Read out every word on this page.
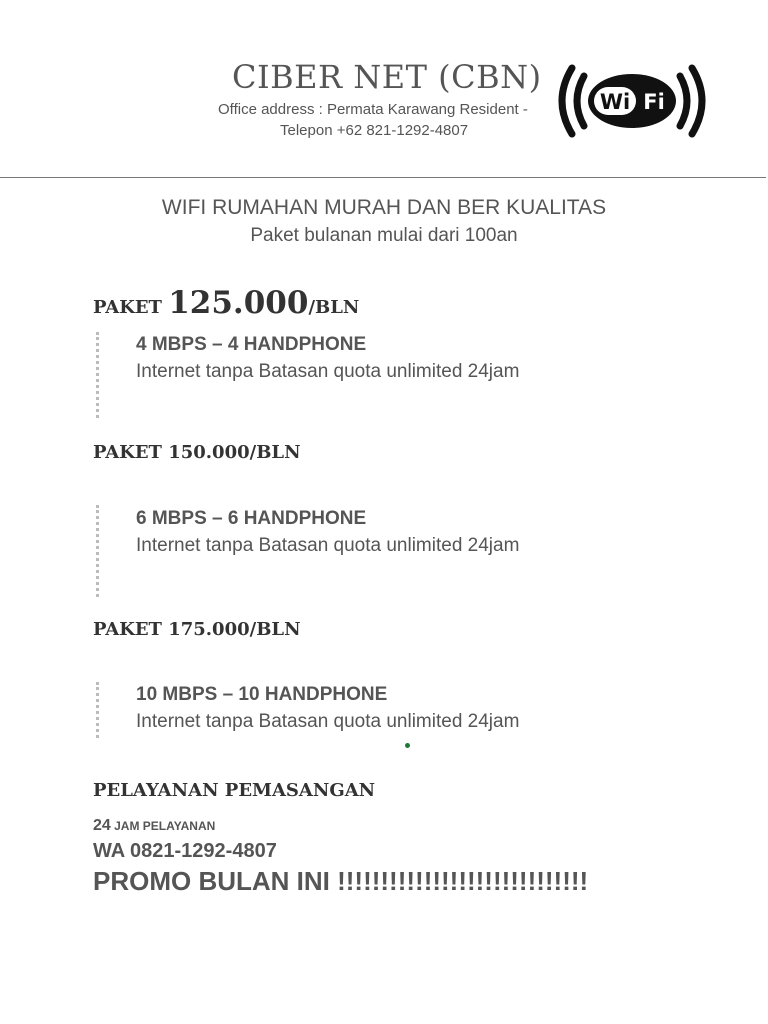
CIBER NET (CBN)
Office address : Permata Karawang Resident -
Telepon +62 821-1292-4807
Wi Fi
WIFI RUMAHAN MURAH DAN BER KUALITAS
Paket bulanan mulai dari 100an
PAKET 125.000/BLN
4 MBPS – 4 HANDPHONE
Internet tanpa Batasan quota unlimited 24jam
PAKET 150.000/BLN
6 MBPS – 6 HANDPHONE
Internet tanpa Batasan quota unlimited 24jam
PAKET 175.000/BLN
10 MBPS – 10 HANDPHONE
Internet tanpa Batasan quota unlimited 24jam
PELAYANAN PEMASANGAN
24 JAM PELAYANAN
WA 0821-1292-4807
PROMO BULAN INI !!!!!!!!!!!!!!!!!!!!!!!!!!!!!
